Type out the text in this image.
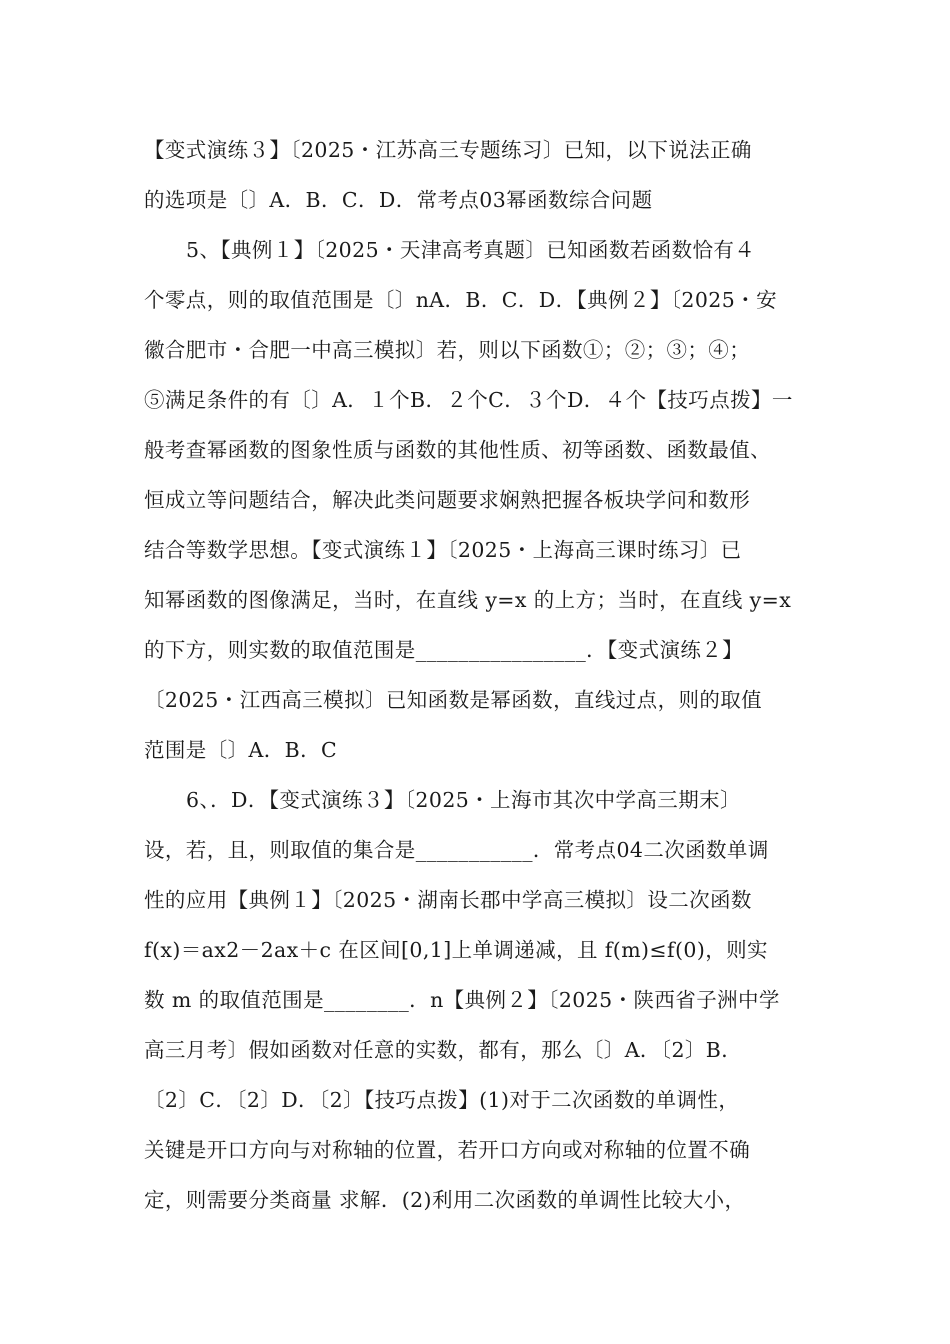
【变式演练３】〔2025・江苏高三专题练习〕已知，以下说法正确
的选项是〔〕A．B．C．D．常考点03幂函数综合问题
5、【典例１】〔2025・天津高考真题〕已知函数若函数恰有４
个零点，则的取值范围是〔〕nA．B．C．D．【典例２】〔2025・安
徽合肥市・合肥一中高三模拟〕若，则以下函数①；②；③；④；
⑤满足条件的有〔〕A．１个B．２个C．３个D．４个【技巧点拨】一
般考查幂函数的图象性质与函数的其他性质、初等函数、函数最值、
恒成立等问题结合，解决此类问题要求娴熟把握各板块学问和数形
结合等数学思想。【变式演练１】〔2025・上海高三课时练习〕已
知幂函数的图像满足，当时，在直线 y=x 的上方；当时，在直线 y=x
的下方，则实数的取值范围是________________．【变式演练２】
〔2025・江西高三模拟〕已知函数是幂函数，直线过点，则的取值
范围是〔〕A．B．C
6、．D．【变式演练３】〔2025・上海市其次中学高三期末〕
设，若，且，则取值的集合是___________．常考点04二次函数单调
性的应用【典例１】〔2025・湖南长郡中学高三模拟〕设二次函数
f(x)＝ax2－2ax＋c 在区间[0,1]上单调递减，且 f(m)≤f(0)，则实
数 m 的取值范围是________．n【典例２】〔2025・陕西省子洲中学
高三月考〕假如函数对任意的实数，都有，那么〔〕A．〔2〕B．
〔2〕C．〔2〕D．〔2〕【技巧点拨】(1)对于二次函数的单调性，
关键是开口方向与对称轴的位置，若开口方向或对称轴的位置不确
定，则需要分类商量 求解．(2)利用二次函数的单调性比较大小，
